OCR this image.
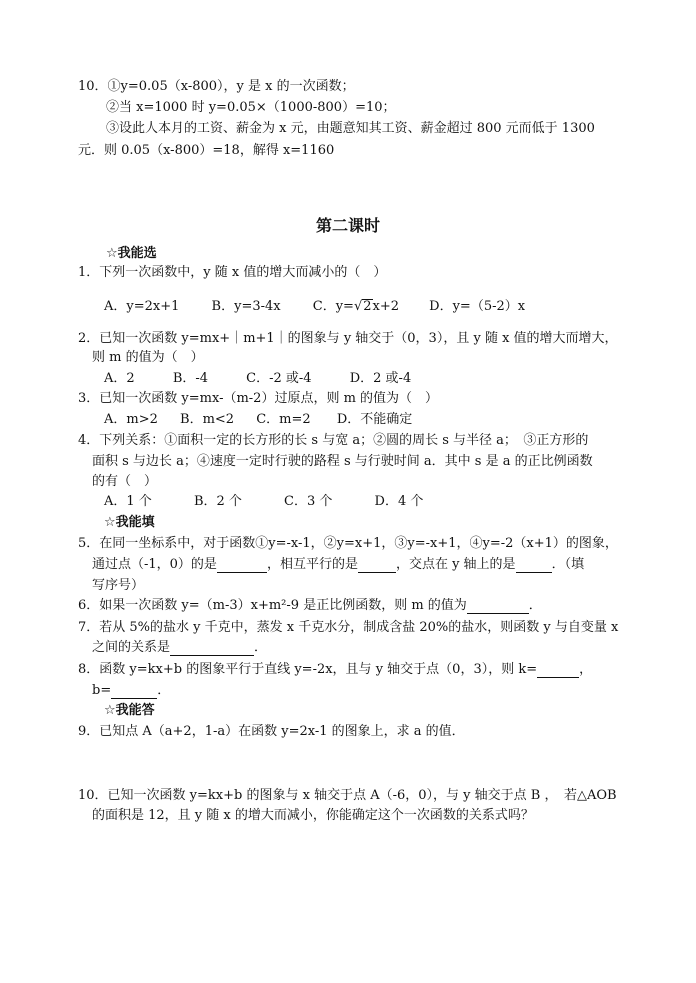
10．①y=0.05（x-800），y 是 x 的一次函数；
②当 x=1000 时 y=0.05×（1000-800）=10；
③设此人本月的工资、薪金为 x 元，由题意知其工资、薪金超过 800 元而低于 1300
元．则 0.05（x-800）=18，解得 x=1160
第二课时
☆我能选
1．下列一次函数中，y 随 x 值的增大而减小的（　）
A．y=2x+1 B．y=3-4x C．y=√2x+2 D．y=（5-2）x
2．已知一次函数 y=mx+｜m+1｜的图象与 y 轴交于（0，3），且 y 随 x 值的增大而增大，
则 m 的值为（　）
A．2	B．-4	C．-2 或-4	D．2 或-4
3．已知一次函数 y=mx-（m-2）过原点，则 m 的值为（　）
A．m>2 B．m<2 C．m=2 D．不能确定
4．下列关系：①面积一定的长方形的长 s 与宽 a；②圆的周长 s 与半径 a；　③正方形的
面积 s 与边长 a；④速度一定时行驶的路程 s 与行驶时间 a．其中 s 是 a 的正比例函数
的有（　）
A．1 个	B．2 个	C．3 个	D．4 个
☆我能填
5．在同一坐标系中，对于函数①y=-x-1，②y=x+1，③y=-x+1，④y=-2（x+1）的图象，
通过点（-1，0）的是	，相互平行的是	，交点在 y 轴上的是	．（填
写序号）
6．如果一次函数 y=（m-3）x+m²-9 是正比例函数，则 m 的值为	．
7．若从 5%的盐水 y 千克中，蒸发 x 千克水分，制成含盐 20%的盐水，则函数 y 与自变量 x
之间的关系是	．
8．函数 y=kx+b 的图象平行于直线 y=-2x，且与 y 轴交于点（0，3），则 k=	，
b=	．
☆我能答
9．已知点 A（a+2，1-a）在函数 y=2x-1 的图象上，求 a 的值．
10．已知一次函数 y=kx+b 的图象与 x 轴交于点 A（-6，0），与 y 轴交于点 B ，　若△AOB
的面积是 12，且 y 随 x 的增大而减小，你能确定这个一次函数的关系式吗？
